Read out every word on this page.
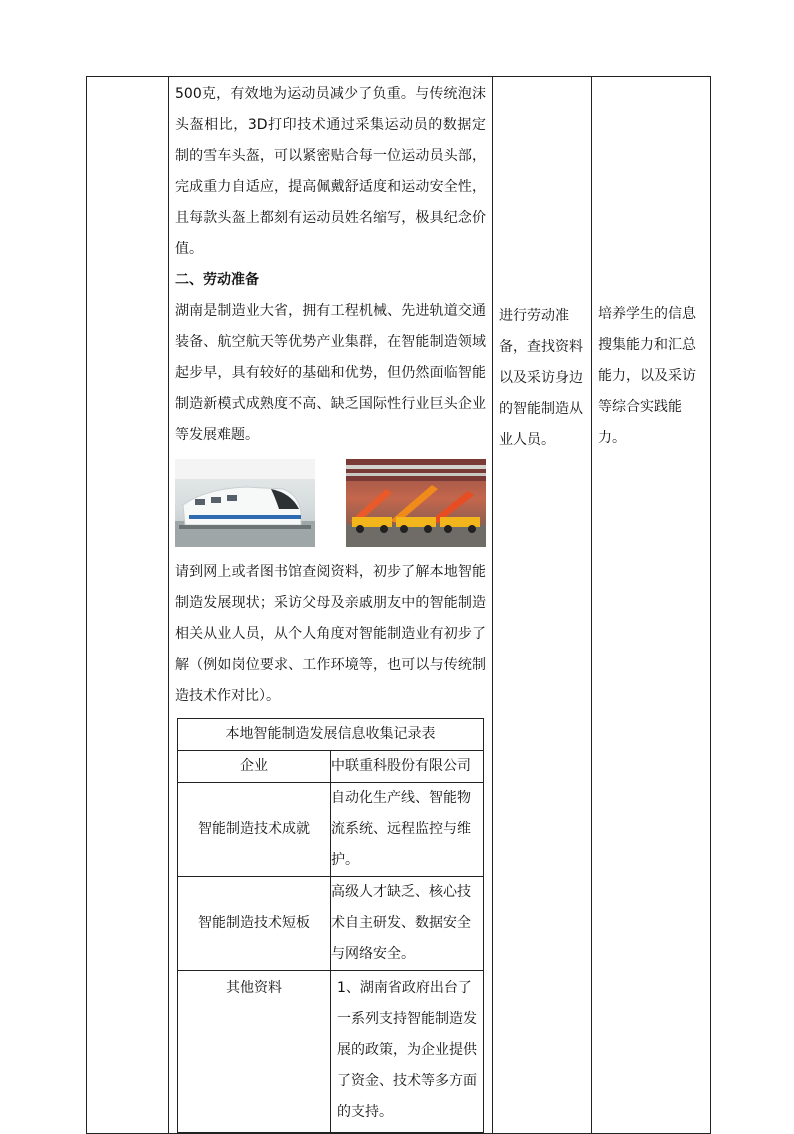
500克，有效地为运动员减少了负重。与传统泡沫头盔相比，3D打印技术通过采集运动员的数据定制的雪车头盔，可以紧密贴合每一位运动员头部，完成重力自适应，提高佩戴舒适度和运动安全性，且每款头盔上都刻有运动员姓名缩写，极具纪念价值。

二、劳动准备

湖南是制造业大省，拥有工程机械、先进轨道交通装备、航空航天等优势产业集群，在智能制造领域起步早，具有较好的基础和优势，但仍然面临智能制造新模式成熟度不高、缺乏国际性行业巨头企业等发展难题。

请到网上或者图书馆查阅资料，初步了解本地智能制造发展现状；采访父母及亲戚朋友中的智能制造相关从业人员，从个人角度对智能制造业有初步了解（例如岗位要求、工作环境等，也可以与传统制造技术作对比）。

本地智能制造发展信息收集记录表
企业	中联重科股份有限公司
智能制造技术成就	自动化生产线、智能物流系统、远程监控与维护。
智能制造技术短板	高级人才缺乏、核心技术自主研发、数据安全与网络安全。
其他资料	1、湖南省政府出台了一系列支持智能制造发展的政策，为企业提供了资金、技术等多方面的支持。

进行劳动准备，查找资料以及采访身边的智能制造从业人员。

培养学生的信息搜集能力和汇总能力，以及采访等综合实践能力。
